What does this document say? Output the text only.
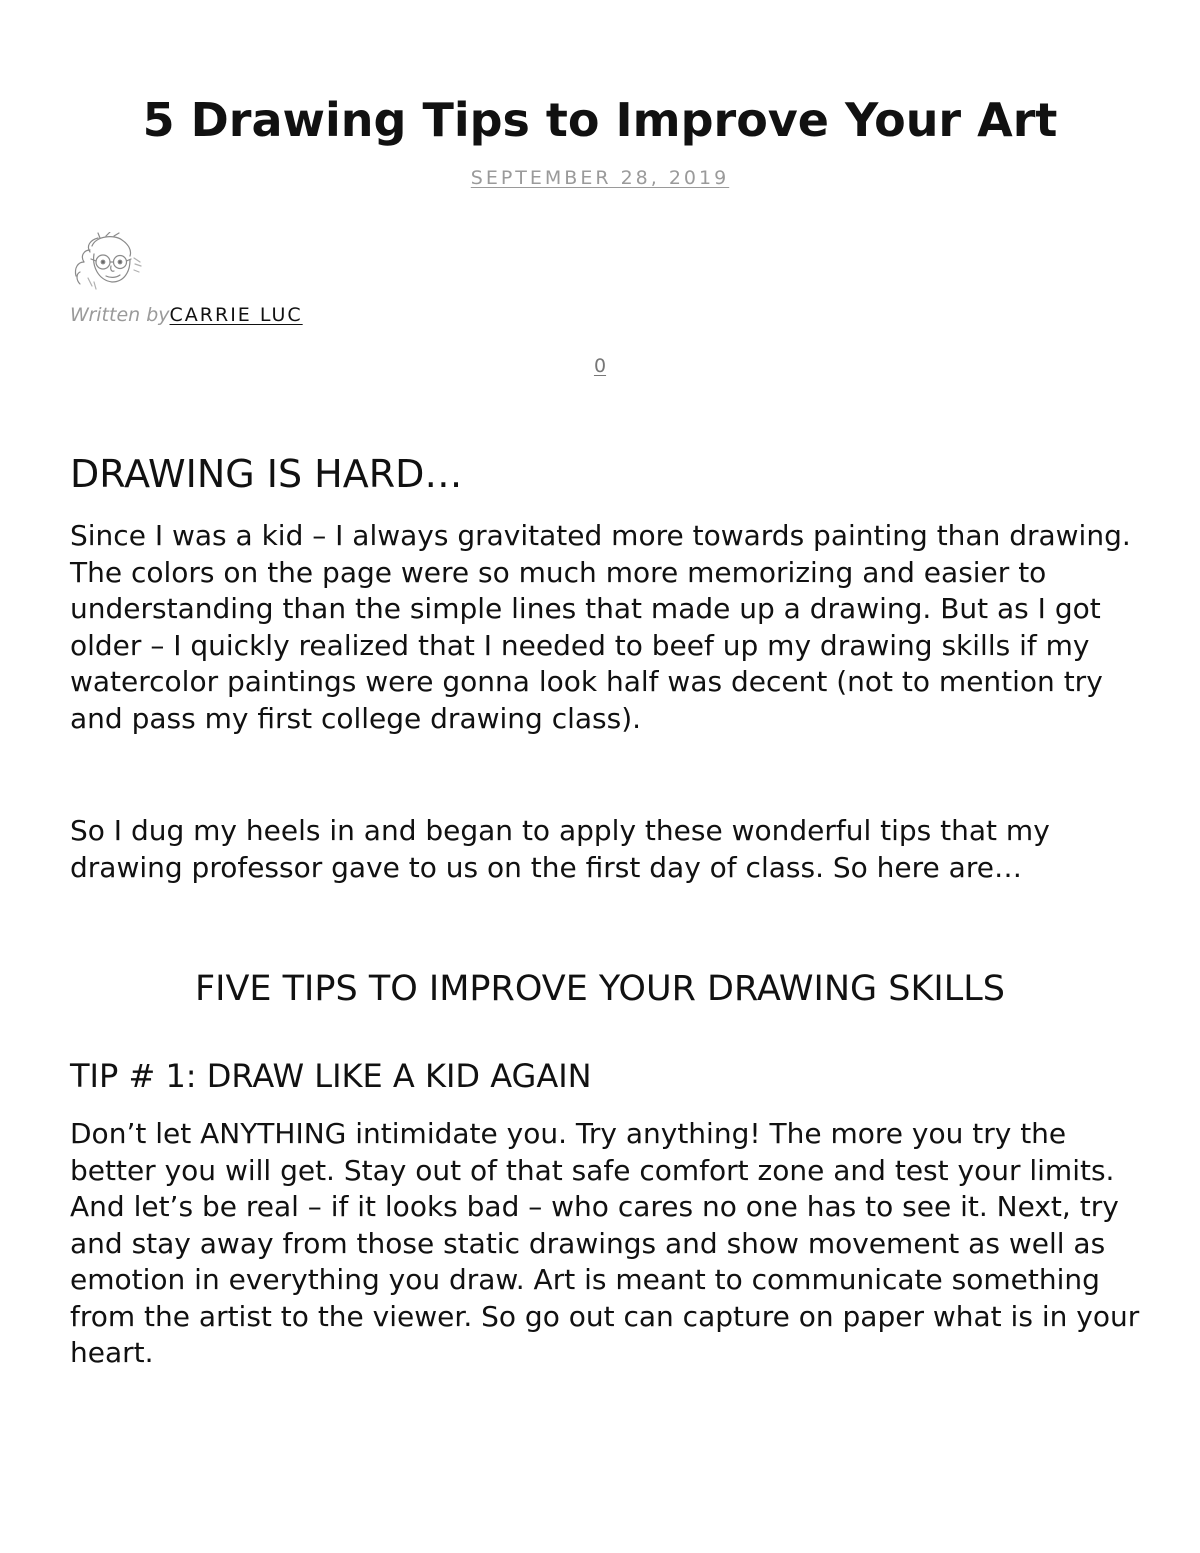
5 Drawing Tips to Improve Your Art
SEPTEMBER 28, 2019
Written byCARRIE LUC
0
DRAWING IS HARD…

Since I was a kid – I always gravitated more towards painting than drawing. The colors on the page were so much more memorizing and easier to understanding than the simple lines that made up a drawing. But as I got older – I quickly realized that I needed to beef up my drawing skills if my watercolor paintings were gonna look half was decent (not to mention try and pass my first college drawing class).

So I dug my heels in and began to apply these wonderful tips that my drawing professor gave to us on the first day of class. So here are…

FIVE TIPS TO IMPROVE YOUR DRAWING SKILLS
TIP # 1: DRAW LIKE A KID AGAIN

Don’t let ANYTHING intimidate you. Try anything! The more you try the better you will get. Stay out of that safe comfort zone and test your limits. And let’s be real – if it looks bad – who cares no one has to see it. Next, try and stay away from those static drawings and show movement as well as emotion in everything you draw. Art is meant to communicate something from the artist to the viewer. So go out can capture on paper what is in your heart.
